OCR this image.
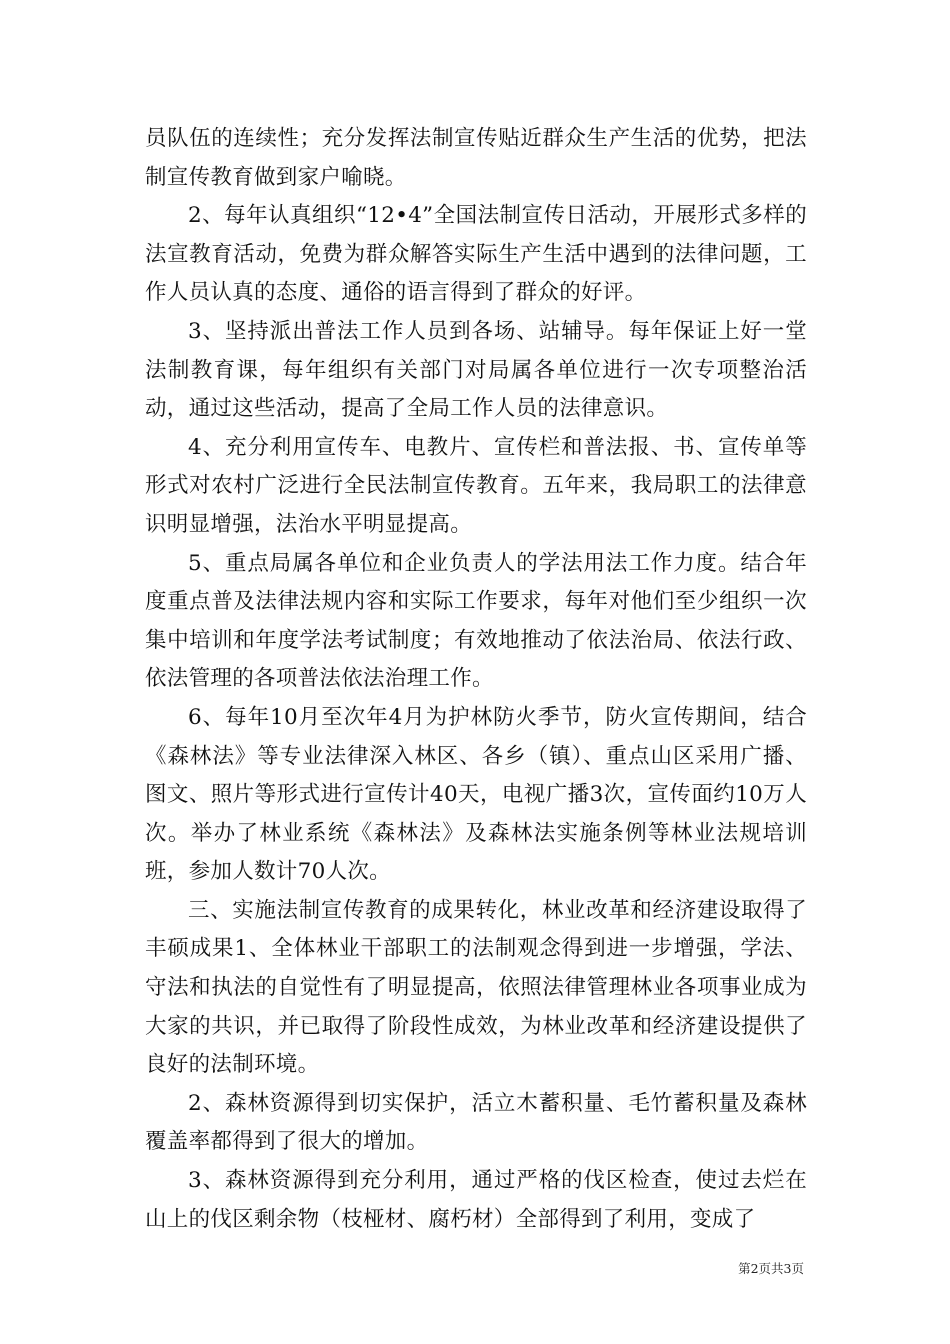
员队伍的连续性；充分发挥法制宣传贴近群众生产生活的优势，把法制宣传教育做到家户喻晓。

2、每年认真组织“12•4”全国法制宣传日活动，开展形式多样的法宣教育活动，免费为群众解答实际生产生活中遇到的法律问题，工作人员认真的态度、通俗的语言得到了群众的好评。

3、坚持派出普法工作人员到各场、站辅导。每年保证上好一堂法制教育课，每年组织有关部门对局属各单位进行一次专项整治活动，通过这些活动，提高了全局工作人员的法律意识。

4、充分利用宣传车、电教片、宣传栏和普法报、书、宣传单等形式对农村广泛进行全民法制宣传教育。五年来，我局职工的法律意识明显增强，法治水平明显提高。

5、重点局属各单位和企业负责人的学法用法工作力度。结合年度重点普及法律法规内容和实际工作要求，每年对他们至少组织一次集中培训和年度学法考试制度；有效地推动了依法治局、依法行政、依法管理的各项普法依法治理工作。

6、每年10月至次年4月为护林防火季节，防火宣传期间，结合《森林法》等专业法律深入林区、各乡（镇）、重点山区采用广播、图文、照片等形式进行宣传计40天，电视广播3次，宣传面约10万人次。举办了林业系统《森林法》及森林法实施条例等林业法规培训班，参加人数计70人次。

三、实施法制宣传教育的成果转化，林业改革和经济建设取得了丰硕成果1、全体林业干部职工的法制观念得到进一步增强，学法、守法和执法的自觉性有了明显提高，依照法律管理林业各项事业成为大家的共识，并已取得了阶段性成效，为林业改革和经济建设提供了良好的法制环境。

2、森林资源得到切实保护，活立木蓄积量、毛竹蓄积量及森林覆盖率都得到了很大的增加。

3、森林资源得到充分利用，通过严格的伐区检查，使过去烂在山上的伐区剩余物（枝桠材、腐朽材）全部得到了利用，变成了

第2页共3页
